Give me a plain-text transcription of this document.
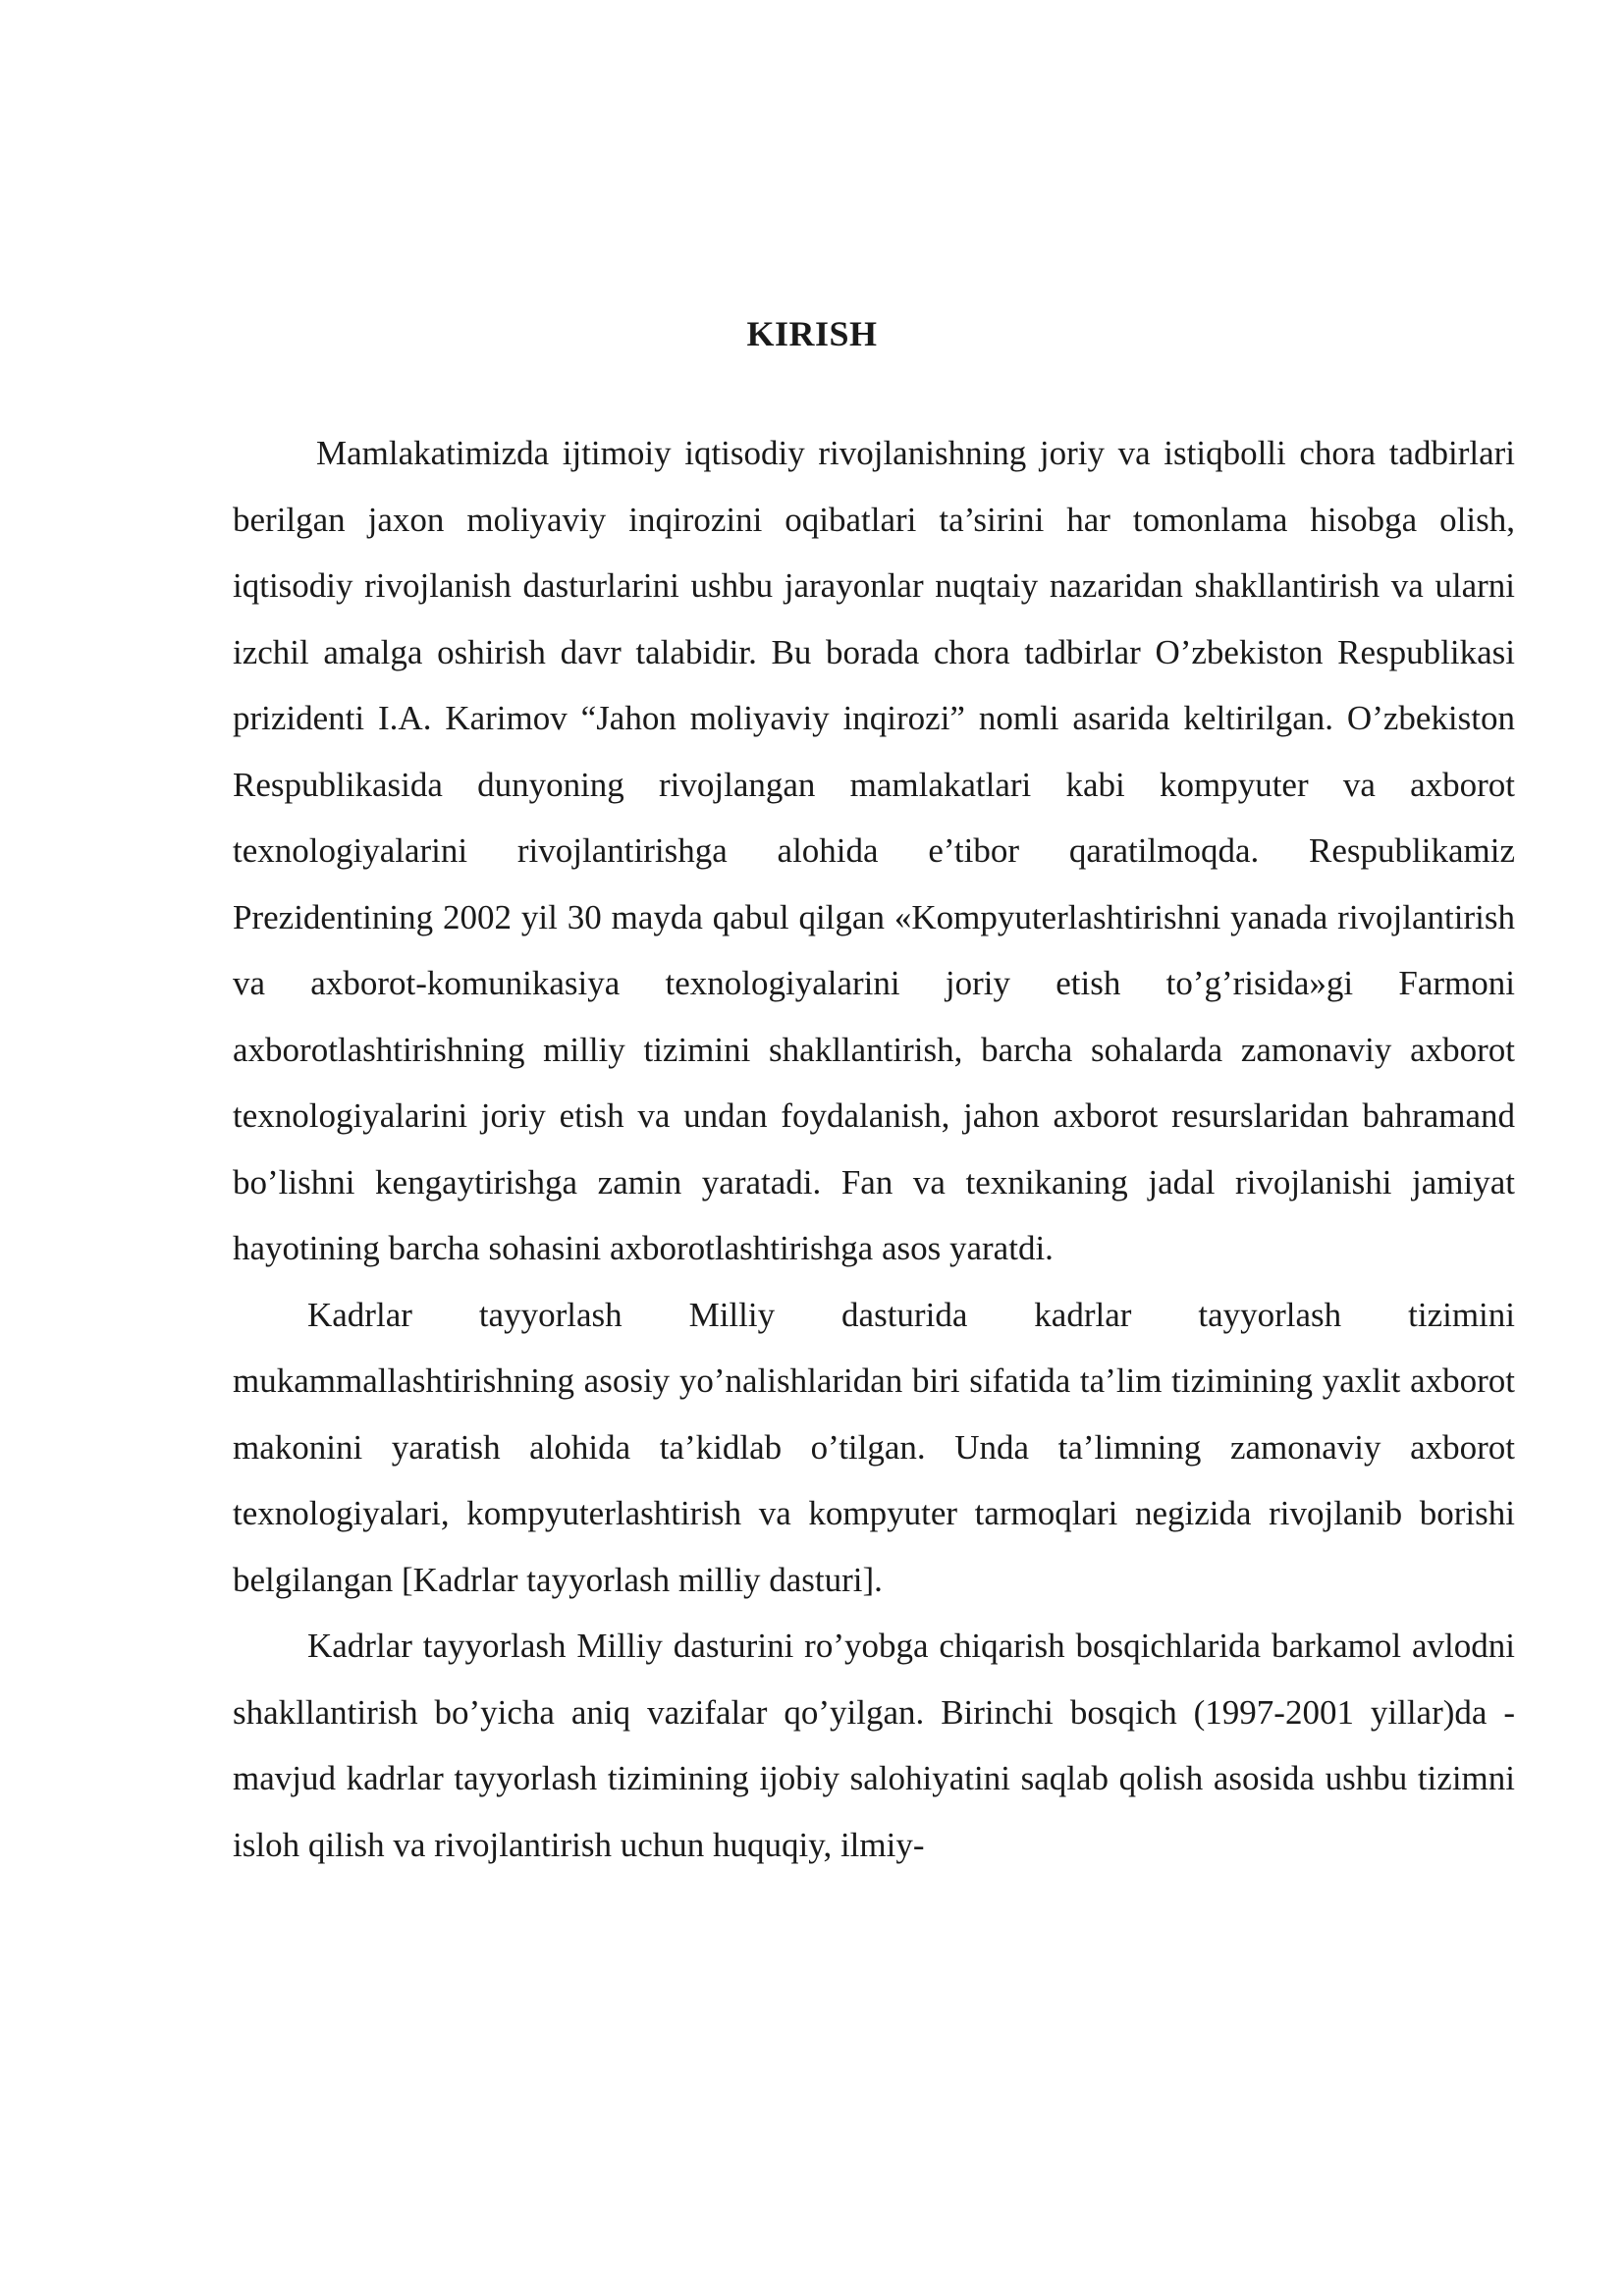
KIRISH

Mamlakatimizda ijtimoiy iqtisodiy rivojlanishning joriy va istiqbolli chora tadbirlari berilgan jaxon moliyaviy inqirozini oqibatlari ta’sirini har tomonlama hisobga olish, iqtisodiy rivojlanish dasturlarini ushbu jarayonlar nuqtaiy nazaridan shakllantirish va ularni izchil amalga oshirish davr talabidir. Bu borada chora tadbirlar O’zbekiston Respublikasi prizidenti I.A. Karimov “Jahon moliyaviy inqirozi” nomli asarida keltirilgan. O’zbekiston Respublikasida dunyoning rivojlangan mamlakatlari kabi kompyuter va axborot texnologiyalarini rivojlantirishga alohida e’tibor qaratilmoqda. Respublikamiz Prezidentining 2002 yil 30 mayda qabul qilgan «Kompyuterlashtirishni yanada rivojlantirish va axborot-komunikasiya texnologiyalarini joriy etish to’g’risida»gi Farmoni axborotlashtirishning milliy tizimini shakllantirish, barcha sohalarda zamonaviy axborot texnologiyalarini joriy etish va undan foydalanish, jahon axborot resurslaridan bahramand bo’lishni kengaytirishga zamin yaratadi. Fan va texnikaning jadal rivojlanishi jamiyat hayotining barcha sohasini axborotlashtirishga asos yaratdi.

Kadrlar tayyorlash Milliy dasturida kadrlar tayyorlash tizimini mukammallashtirishning asosiy yo’nalishlaridan biri sifatida ta’lim tizimining yaxlit axborot makonini yaratish alohida ta’kidlab o’tilgan. Unda ta’limning zamonaviy axborot texnologiyalari, kompyuterlashtirish va kompyuter tarmoqlari negizida rivojlanib borishi belgilangan [Kadrlar tayyorlash milliy dasturi].

Kadrlar tayyorlash Milliy dasturini ro’yobga chiqarish bosqichlarida barkamol avlodni shakllantirish bo’yicha aniq vazifalar qo’yilgan. Birinchi bosqich (1997-2001 yillar)da - mavjud kadrlar tayyorlash tizimining ijobiy salohiyatini saqlab qolish asosida ushbu tizimni isloh qilish va rivojlantirish uchun huquqiy, ilmiy-
